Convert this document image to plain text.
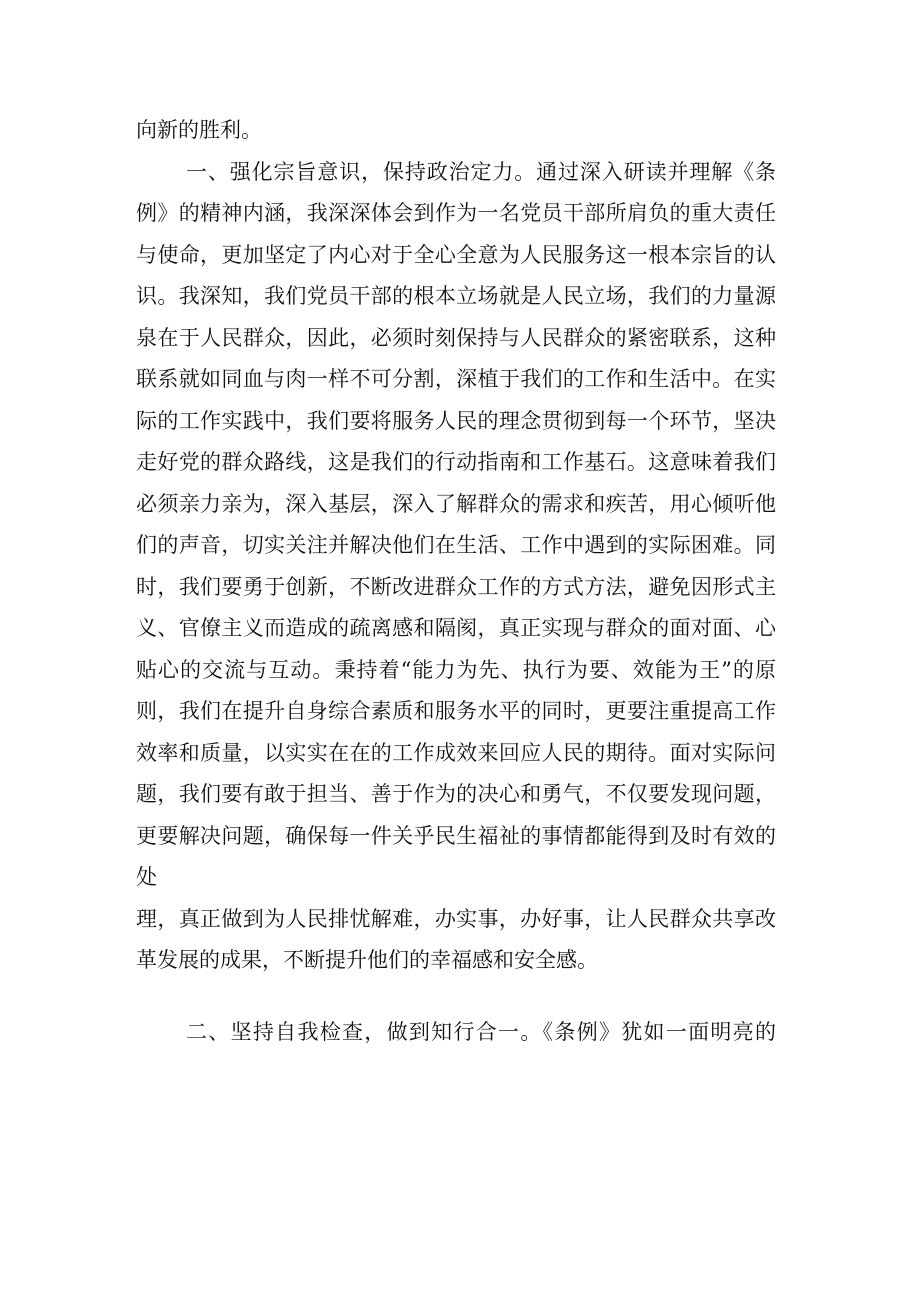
向新的胜利。
一、强化宗旨意识，保持政治定力。通过深入研读并理解《条
例》的精神内涵，我深深体会到作为一名党员干部所肩负的重大责任
与使命，更加坚定了内心对于全心全意为人民服务这一根本宗旨的认
识。我深知，我们党员干部的根本立场就是人民立场，我们的力量源
泉在于人民群众，因此，必须时刻保持与人民群众的紧密联系，这种
联系就如同血与肉一样不可分割，深植于我们的工作和生活中。在实
际的工作实践中，我们要将服务人民的理念贯彻到每一个环节，坚决
走好党的群众路线，这是我们的行动指南和工作基石。这意味着我们
必须亲力亲为，深入基层，深入了解群众的需求和疾苦，用心倾听他
们的声音，切实关注并解决他们在生活、工作中遇到的实际困难。同
时，我们要勇于创新，不断改进群众工作的方式方法，避免因形式主
义、官僚主义而造成的疏离感和隔阂，真正实现与群众的面对面、心
贴心的交流与互动。秉持着“能力为先、执行为要、效能为王”的原
则，我们在提升自身综合素质和服务水平的同时，更要注重提高工作
效率和质量，以实实在在的工作成效来回应人民的期待。面对实际问
题，我们要有敢于担当、善于作为的决心和勇气，不仅要发现问题，
更要解决问题，确保每一件关乎民生福祉的事情都能得到及时有效的
处
理，真正做到为人民排忧解难，办实事，办好事，让人民群众共享改
革发展的成果，不断提升他们的幸福感和安全感。
二、坚持自我检查，做到知行合一。《条例》犹如一面明亮的
